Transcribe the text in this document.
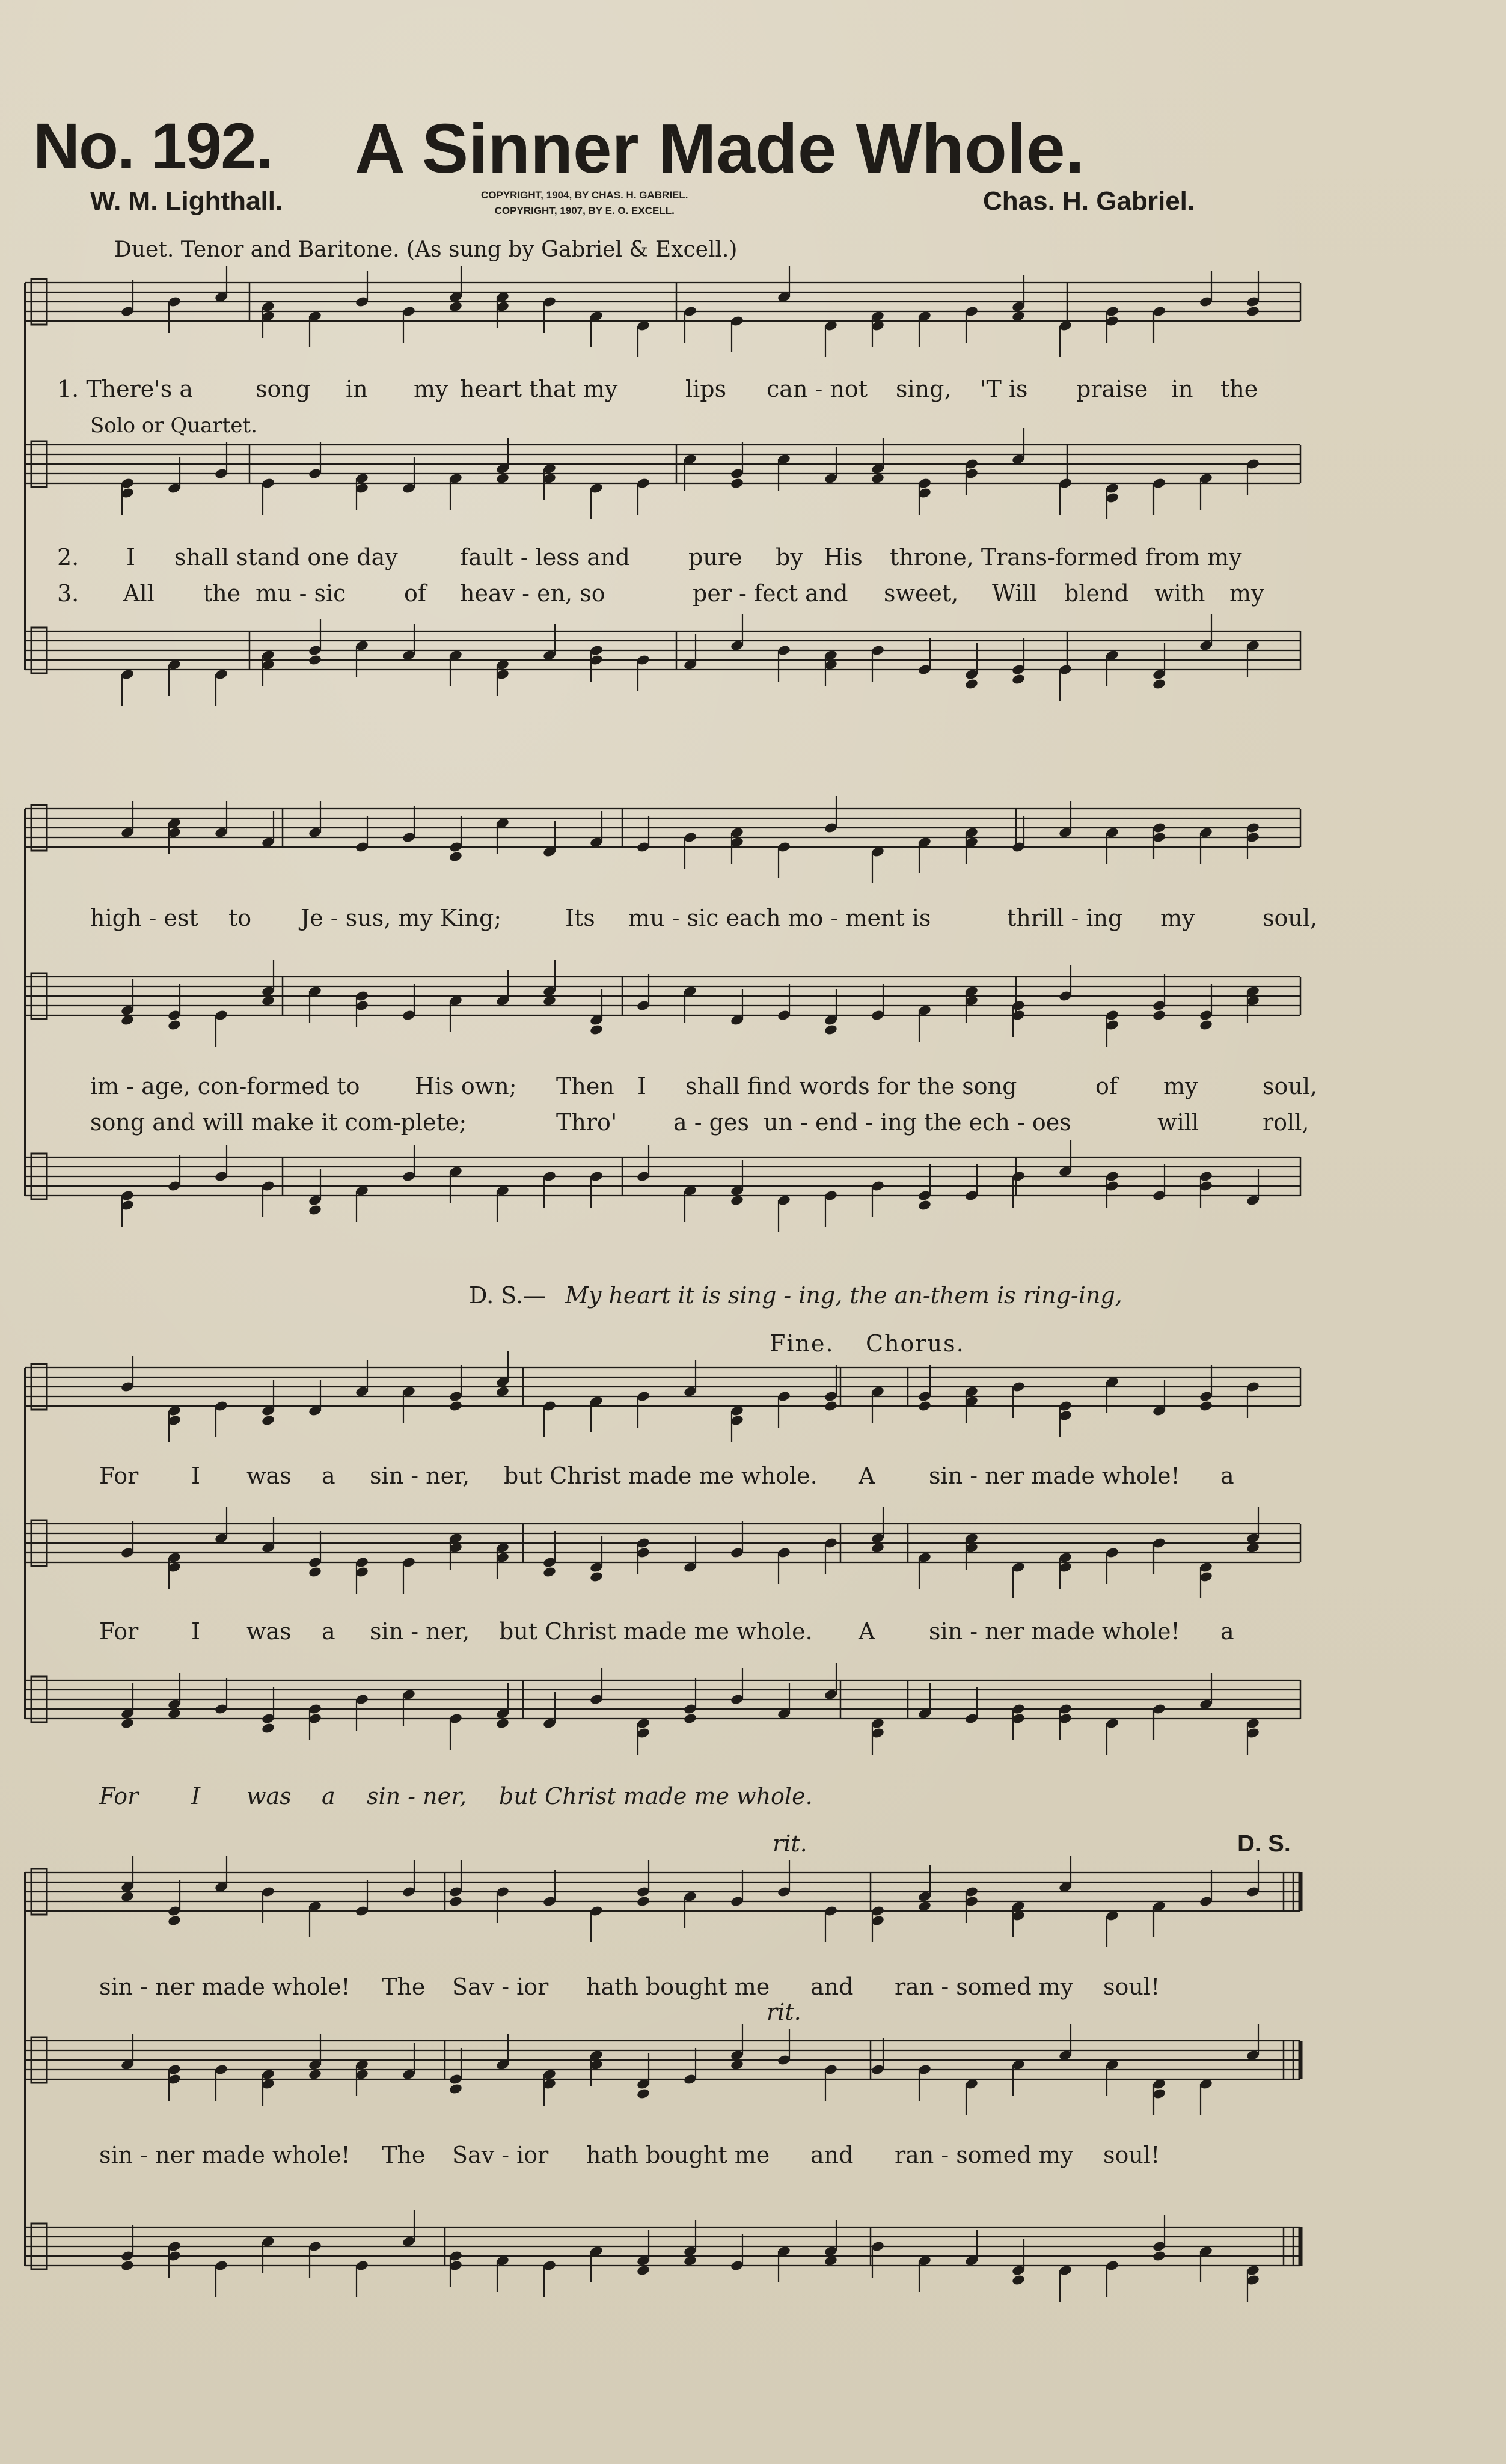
No. 192. A Sinner Made Whole.
W. M. Lighthall.	COPYRIGHT, 1904, BY CHAS. H. GABRIEL.
COPYRIGHT, 1907, BY E. O. EXCELL.	Chas. H. Gabriel.
Duet. Tenor and Baritone. (As sung by Gabriel & Excell.)
Solo or Quartet.
1. There's a	song in my heart that my	lips can - not sing, 'T is praise in the
2. I shall stand one day	fault - less and	pure by His throne, Trans-formed from my
3. All the mu - sic	of heav - en, so	per - fect and sweet, Will blend with my
high - est to Je - sus, my King;	Its mu - sic each mo - ment is	thrill - ing my	soul,
im - age, con-formed to His own; Then I shall find words for the song	of my	soul,
song and will make it com-plete;	Thro' a - ges un - end - ing the ech - oes	will	roll,
D. S.— My heart it is sing - ing, the an-them is ring-ing,
Fine. Chorus.
For I was a sin - ner, but Christ made me whole. A sin - ner made whole! a
For I was a sin - ner, but Christ made me whole. A sin - ner made whole! a
For I was a sin - ner, but Christ made me whole.
rit.	D. S.
rit.
sin - ner made whole! The Sav - ior hath bought me and ran - somed my soul!
sin - ner made whole! The Sav - ior hath bought me and ran - somed my soul!
